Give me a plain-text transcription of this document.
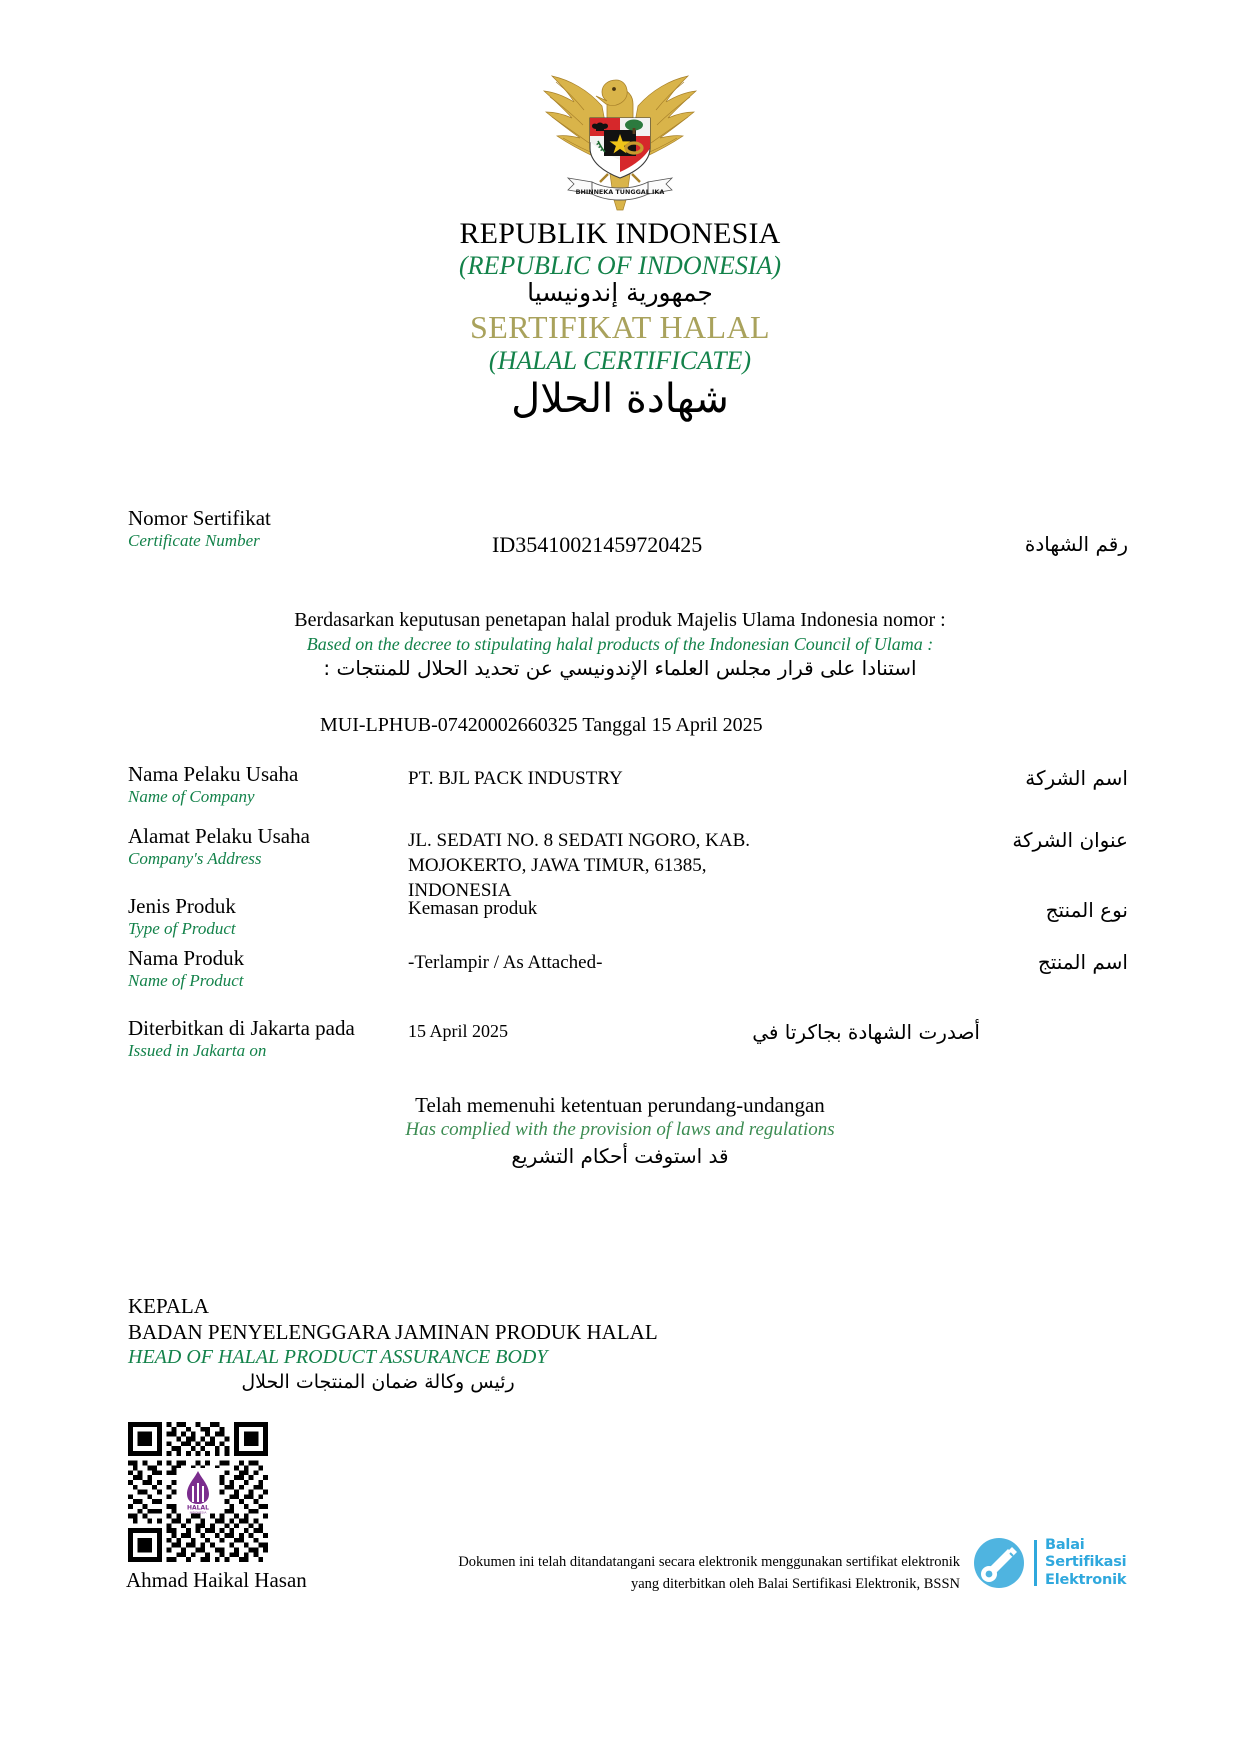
BHINNEKA TUNGGAL IKA
REPUBLIK INDONESIA
(REPUBLIC OF INDONESIA)
جمهورية إندونيسيا
SERTIFIKAT HALAL
(HALAL CERTIFICATE)
شهادة الحلال
Nomor Sertifikat
Certificate Number	ID35410021459720425	رقم الشهادة
Berdasarkan keputusan penetapan halal produk Majelis Ulama Indonesia nomor :
Based on the decree to stipulating halal products of the Indonesian Council of Ulama :
استنادا على قرار مجلس العلماء الإندونيسي عن تحديد الحلال للمنتجات :
MUI-LPHUB-07420002660325 Tanggal 15 April 2025
Nama Pelaku Usaha
Name of Company
PT. BJL PACK INDUSTRY	اسم الشركة
Alamat Pelaku Usaha
Company's Address
JL. SEDATI NO. 8 SEDATI NGORO, KAB. MOJOKERTO, JAWA TIMUR, 61385, INDONESIA
عنوان الشركة
Jenis Produk
Type of Product
Kemasan produk	نوع المنتج
Nama Produk
Name of Product
-Terlampir / As Attached-	اسم المنتج
Diterbitkan di Jakarta pada
Issued in Jakarta on
15 April 2025	أصدرت الشهادة بجاكرتا في
Telah memenuhi ketentuan perundang-undangan
Has complied with the provision of laws and regulations
قد استوفت أحكام التشريع
KEPALA
BADAN PENYELENGGARA JAMINAN PRODUK HALAL
HEAD OF HALAL PRODUCT ASSURANCE BODY
رئيس وكالة ضمان المنتجات الحلال
HALAL
INDONESIA
Ahmad Haikal Hasan
Dokumen ini telah ditandatangani secara elektronik menggunakan sertifikat elektronik
yang diterbitkan oleh Balai Sertifikasi Elektronik, BSSN
Balai
Sertifikasi
Elektronik
